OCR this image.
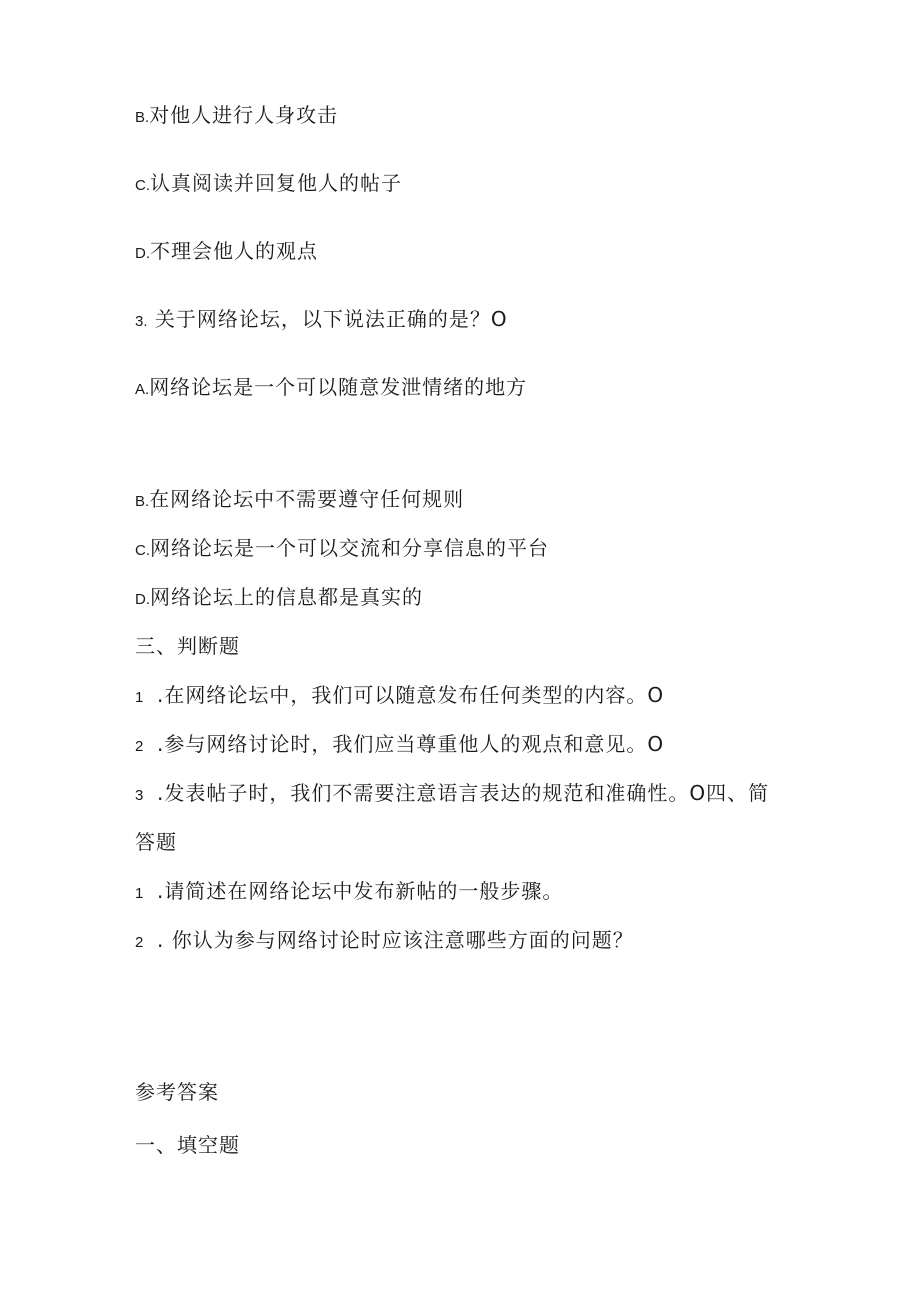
B.对他人进行人身攻击
C.认真阅读并回复他人的帖子
D.不理会他人的观点
3. 关于网络论坛，以下说法正确的是？O
A.网络论坛是一个可以随意发泄情绪的地方
B.在网络论坛中不需要遵守任何规则
C.网络论坛是一个可以交流和分享信息的平台
D.网络论坛上的信息都是真实的
三、判断题
1 .在网络论坛中，我们可以随意发布任何类型的内容。O
2 .参与网络讨论时，我们应当尊重他人的观点和意见。O
3 .发表帖子时，我们不需要注意语言表达的规范和准确性。O四、简
答题
1 .请简述在网络论坛中发布新帖的一般步骤。
2 . 你认为参与网络讨论时应该注意哪些方面的问题？
参考答案
一、填空题
